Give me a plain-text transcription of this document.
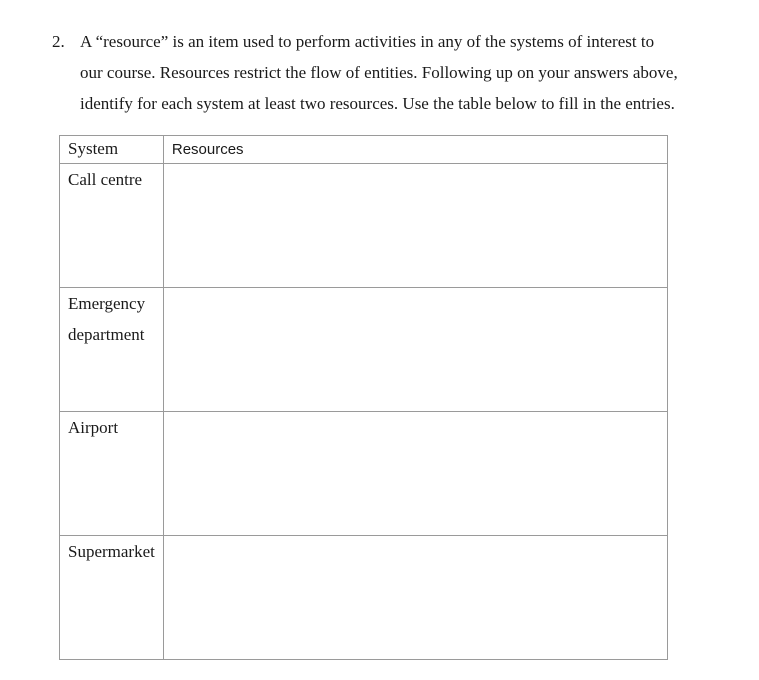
2. A “resource” is an item used to perform activities in any of the systems of interest to
our course. Resources restrict the flow of entities. Following up on your answers above,
identify for each system at least two resources. Use the table below to fill in the entries.
System	Resources
Call centre	
Emergency department	
Airport	
Supermarket	
